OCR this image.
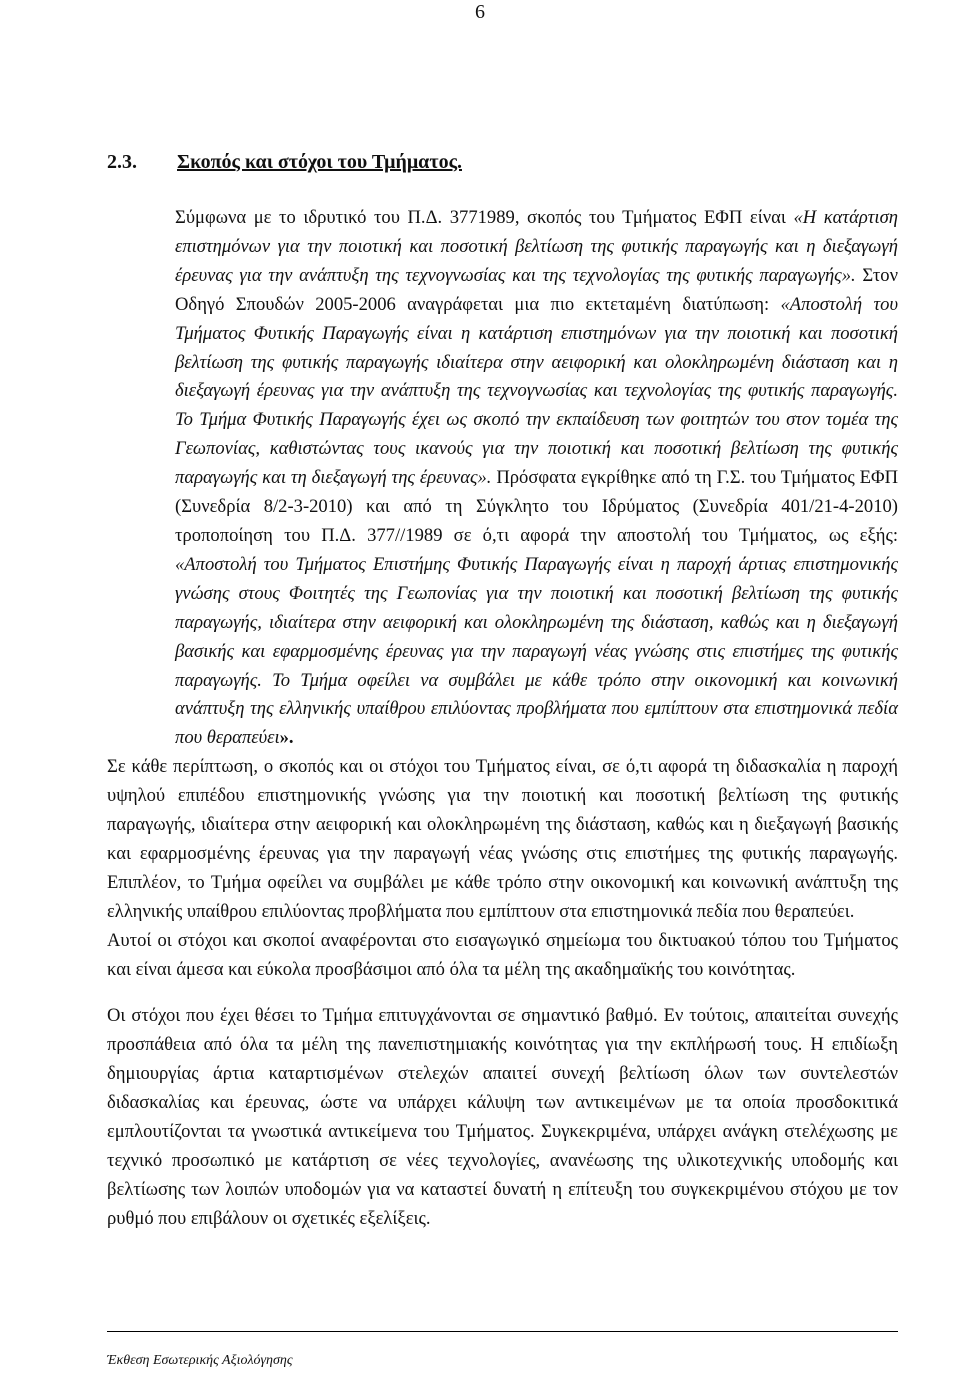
6
2.3. Σκοπός και στόχοι του Τμήματος.

Σύμφωνα με το ιδρυτικό του Π.Δ. 3771989, σκοπός του Τμήματος ΕΦΠ είναι «Η κατάρτιση επιστημόνων για την ποιοτική και ποσοτική βελτίωση της φυτικής παραγωγής και η διεξαγωγή έρευνας για την ανάπτυξη της τεχνογνωσίας και της τεχνολογίας της φυτικής παραγωγής». Στον Οδηγό Σπουδών 2005-2006 αναγράφεται μια πιο εκτεταμένη διατύπωση: «Αποστολή του Τμήματος Φυτικής Παραγωγής είναι η κατάρτιση επιστημόνων για την ποιοτική και ποσοτική βελτίωση της φυτικής παραγωγής ιδιαίτερα στην αειφορική και ολοκληρωμένη διάσταση και η διεξαγωγή έρευνας για την ανάπτυξη της τεχνογνωσίας και τεχνολογίας της φυτικής παραγωγής. Το Τμήμα Φυτικής Παραγωγής έχει ως σκοπό την εκπαίδευση των φοιτητών του στον τομέα της Γεωπονίας, καθιστώντας τους ικανούς για την ποιοτική και ποσοτική βελτίωση της φυτικής παραγωγής και τη διεξαγωγή της έρευνας». Πρόσφατα εγκρίθηκε από τη Γ.Σ. του Τμήματος ΕΦΠ (Συνεδρία 8/2-3-2010) και από τη Σύγκλητο του Ιδρύματος (Συνεδρία 401/21-4-2010) τροποποίηση του Π.Δ. 377//1989 σε ό,τι αφορά την αποστολή του Τμήματος, ως εξής: «Αποστολή του Τμήματος Επιστήμης Φυτικής Παραγωγής είναι η παροχή άρτιας επιστημονικής γνώσης στους Φοιτητές της Γεωπονίας για την ποιοτική και ποσοτική βελτίωση της φυτικής παραγωγής, ιδιαίτερα στην αειφορική και ολοκληρωμένη της διάσταση, καθώς και η διεξαγωγή βασικής και εφαρμοσμένης έρευνας για την παραγωγή νέας γνώσης στις επιστήμες της φυτικής παραγωγής. Το Τμήμα οφείλει να συμβάλει με κάθε τρόπο στην οικονομική και κοινωνική ανάπτυξη της ελληνικής υπαίθρου επιλύοντας προβλήματα που εμπίπτουν στα επιστημονικά πεδία που θεραπεύει».

Σε κάθε περίπτωση, ο σκοπός και οι στόχοι του Τμήματος είναι, σε ό,τι αφορά τη διδασκαλία η παροχή υψηλού επιπέδου επιστημονικής γνώσης για την ποιοτική και ποσοτική βελτίωση της φυτικής παραγωγής, ιδιαίτερα στην αειφορική και ολοκληρωμένη της διάσταση, καθώς και η διεξαγωγή βασικής και εφαρμοσμένης έρευνας για την παραγωγή νέας γνώσης στις επιστήμες της φυτικής παραγωγής. Επιπλέον, το Τμήμα οφείλει να συμβάλει με κάθε τρόπο στην οικονομική και κοινωνική ανάπτυξη της ελληνικής υπαίθρου επιλύοντας προβλήματα που εμπίπτουν στα επιστημονικά πεδία που θεραπεύει.

Αυτοί οι στόχοι και σκοποί αναφέρονται στο εισαγωγικό σημείωμα του δικτυακού τόπου του Τμήματος και είναι άμεσα και εύκολα προσβάσιμοι από όλα τα μέλη της ακαδημαϊκής του κοινότητας.

Οι στόχοι που έχει θέσει το Τμήμα επιτυγχάνονται σε σημαντικό βαθμό. Εν τούτοις, απαιτείται συνεχής προσπάθεια από όλα τα μέλη της πανεπιστημιακής κοινότητας για την εκπλήρωσή τους. Η επιδίωξη δημιουργίας άρτια καταρτισμένων στελεχών απαιτεί συνεχή βελτίωση όλων των συντελεστών διδασκαλίας και έρευνας, ώστε να υπάρχει κάλυψη των αντικειμένων με τα οποία προσδοκιτικά εμπλουτίζονται τα γνωστικά αντικείμενα του Τμήματος. Συγκεκριμένα, υπάρχει ανάγκη στελέχωσης με τεχνικό προσωπικό με κατάρτιση σε νέες τεχνολογίες, ανανέωσης της υλικοτεχνικής υποδομής και βελτίωσης των λοιπών υποδομών για να καταστεί δυνατή η επίτευξη του συγκεκριμένου στόχου με τον ρυθμό που επιβάλουν οι σχετικές εξελίξεις.

Έκθεση Εσωτερικής Αξιολόγησης
